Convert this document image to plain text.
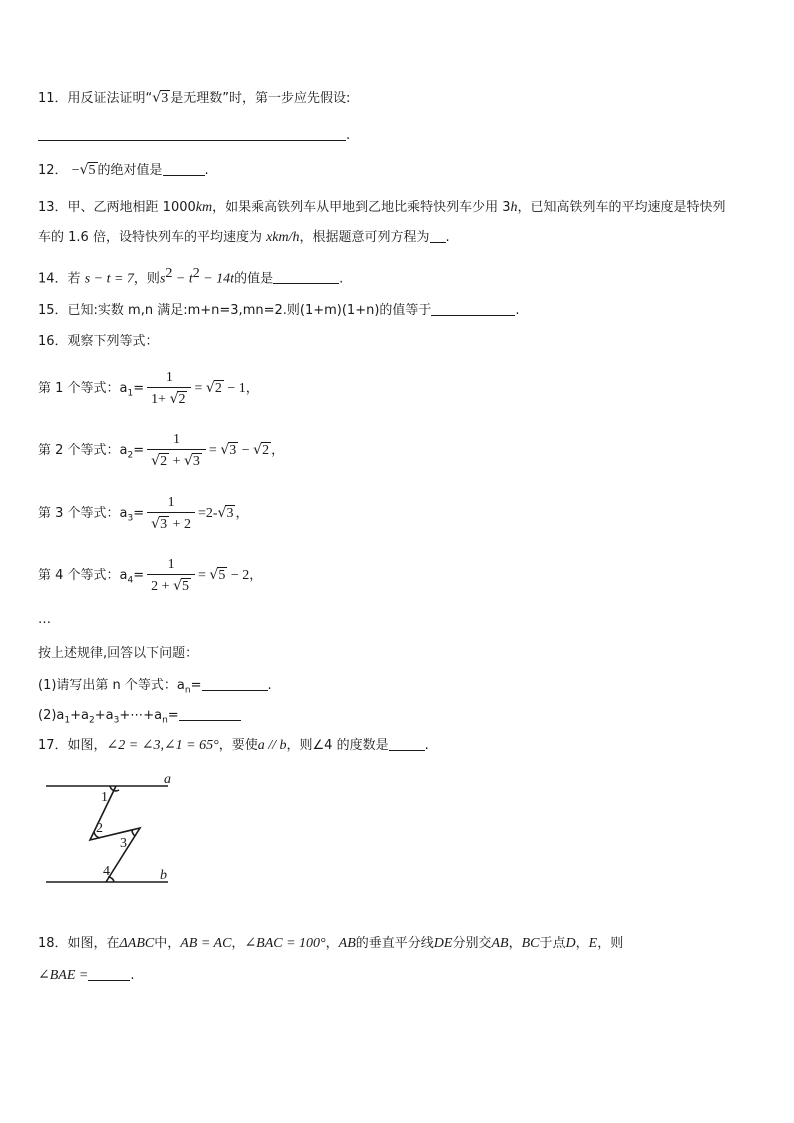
11．用反证法证明“√3 是无理数”时，第一步应先假设:
.
12． −√5 的绝对值是	.
13．甲、乙两地相距 1000km，如果乘高铁列车从甲地到乙地比乘特快列车少用 3h，已知高铁列车的平均速度是特快列
车的 1.6 倍，设特快列车的平均速度为 xkm/h，根据题意可列方程为 .
14．若 s − t = 7，则$s^2 - t^2 - 14t$的值是	.
15．已知:实数 m,n 满足:m+n=3,mn=2.则(1+m)(1+n)的值等于	.
16．观察下列等式：
第 1 个等式：$a_1= \frac{1}{1+ √2} = √2 - 1$，
第 2 个等式：$a_2= \frac{1}{√2 + √3} = √3 - √2$ ，
第 3 个等式：$a_3= \frac{1}{√3 + 2} =2-√3$ ，
第 4 个等式：$a_4= \frac{1}{2 + √5} = √5 - 2$，
…
按上述规律,回答以下问题：
(1)请写出第 n 个等式：$a_n=$	.
$(2)a_1+a_2+a_3+\cdots+a_n=$
17．如图，∠2 = ∠3,∠1 = 65°，要使a // b，则∠4 的度数是	.
a
b
1
2
3
4
18．如图，在ΔABC中，AB = AC，∠BAC = 100°，AB的垂直平分线DE分别交AB，BC于点D，E，则
∠BAE =	.
